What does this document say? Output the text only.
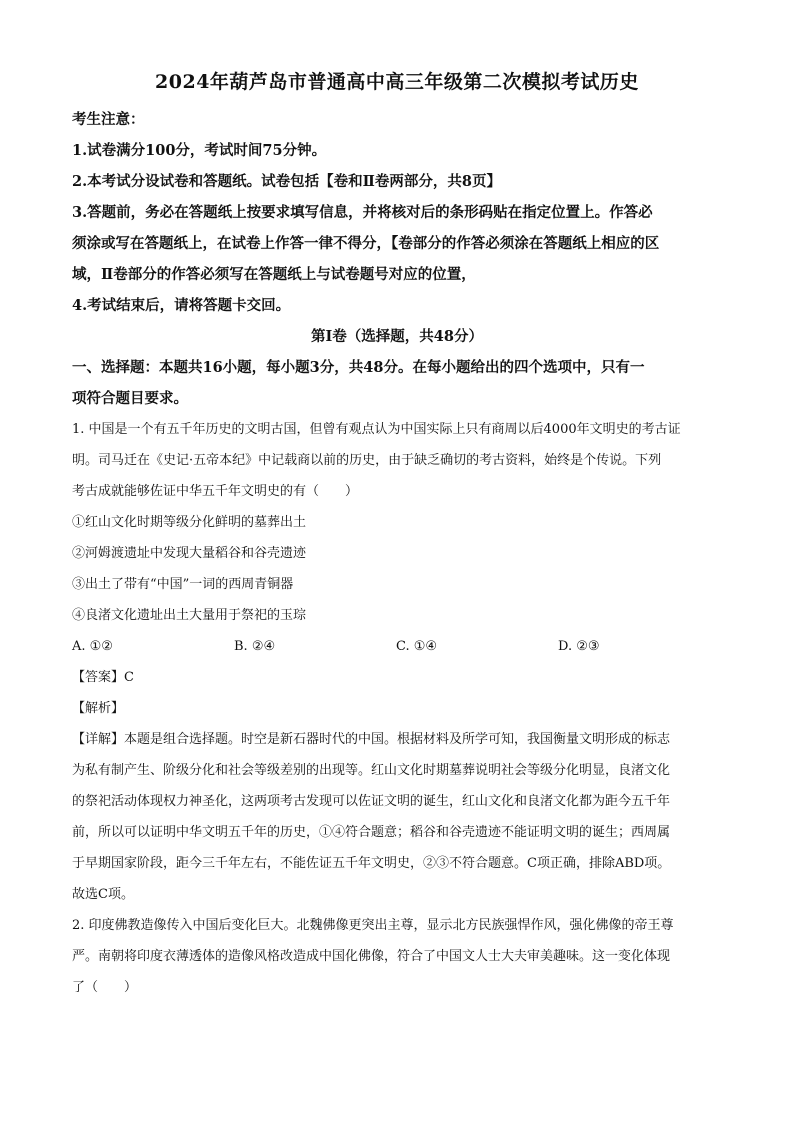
2024年葫芦岛市普通高中高三年级第二次模拟考试历史

考生注意：

1.试卷满分100分，考试时间75分钟。

2.本考试分设试卷和答题纸。试卷包括【卷和Ⅱ卷两部分，共8页】

3.答题前，务必在答题纸上按要求填写信息，并将核对后的条形码贴在指定位置上。作答必

须涂或写在答题纸上，在试卷上作答一律不得分，【卷部分的作答必须涂在答题纸上相应的区

域，Ⅱ卷部分的作答必须写在答题纸上与试卷题号对应的位置，

4.考试结束后，请将答题卡交回。

第Ⅰ卷（选择题，共48分）

一、选择题：本题共16小题，每小题3分，共48分。在每小题给出的四个选项中，只有一

项符合题目要求。

1. 中国是一个有五千年历史的文明古国，但曾有观点认为中国实际上只有商周以后4000年文明史的考古证

明。司马迁在《史记·五帝本纪》中记载商以前的历史，由于缺乏确切的考古资料，始终是个传说。下列

考古成就能够佐证中华五千年文明史的有（　　）

①红山文化时期等级分化鲜明的墓葬出土

②河姆渡遗址中发现大量稻谷和谷壳遗迹

③出土了带有“中国”一词的西周青铜器

④良渚文化遗址出土大量用于祭祀的玉琮

A. ①②	B. ②④	C. ①④	D. ②③

【答案】C

【解析】

【详解】本题是组合选择题。时空是新石器时代的中国。根据材料及所学可知，我国衡量文明形成的标志

为私有制产生、阶级分化和社会等级差别的出现等。红山文化时期墓葬说明社会等级分化明显，良渚文化

的祭祀活动体现权力神圣化，这两项考古发现可以佐证文明的诞生，红山文化和良渚文化都为距今五千年

前，所以可以证明中华文明五千年的历史，①④符合题意；稻谷和谷壳遗迹不能证明文明的诞生；西周属

于早期国家阶段，距今三千年左右，不能佐证五千年文明史，②③不符合题意。C项正确，排除ABD项。

故选C项。

2. 印度佛教造像传入中国后变化巨大。北魏佛像更突出主尊，显示北方民族强悍作风，强化佛像的帝王尊

严。南朝将印度衣薄透体的造像风格改造成中国化佛像，符合了中国文人士大夫审美趣味。这一变化体现

了（　　）
